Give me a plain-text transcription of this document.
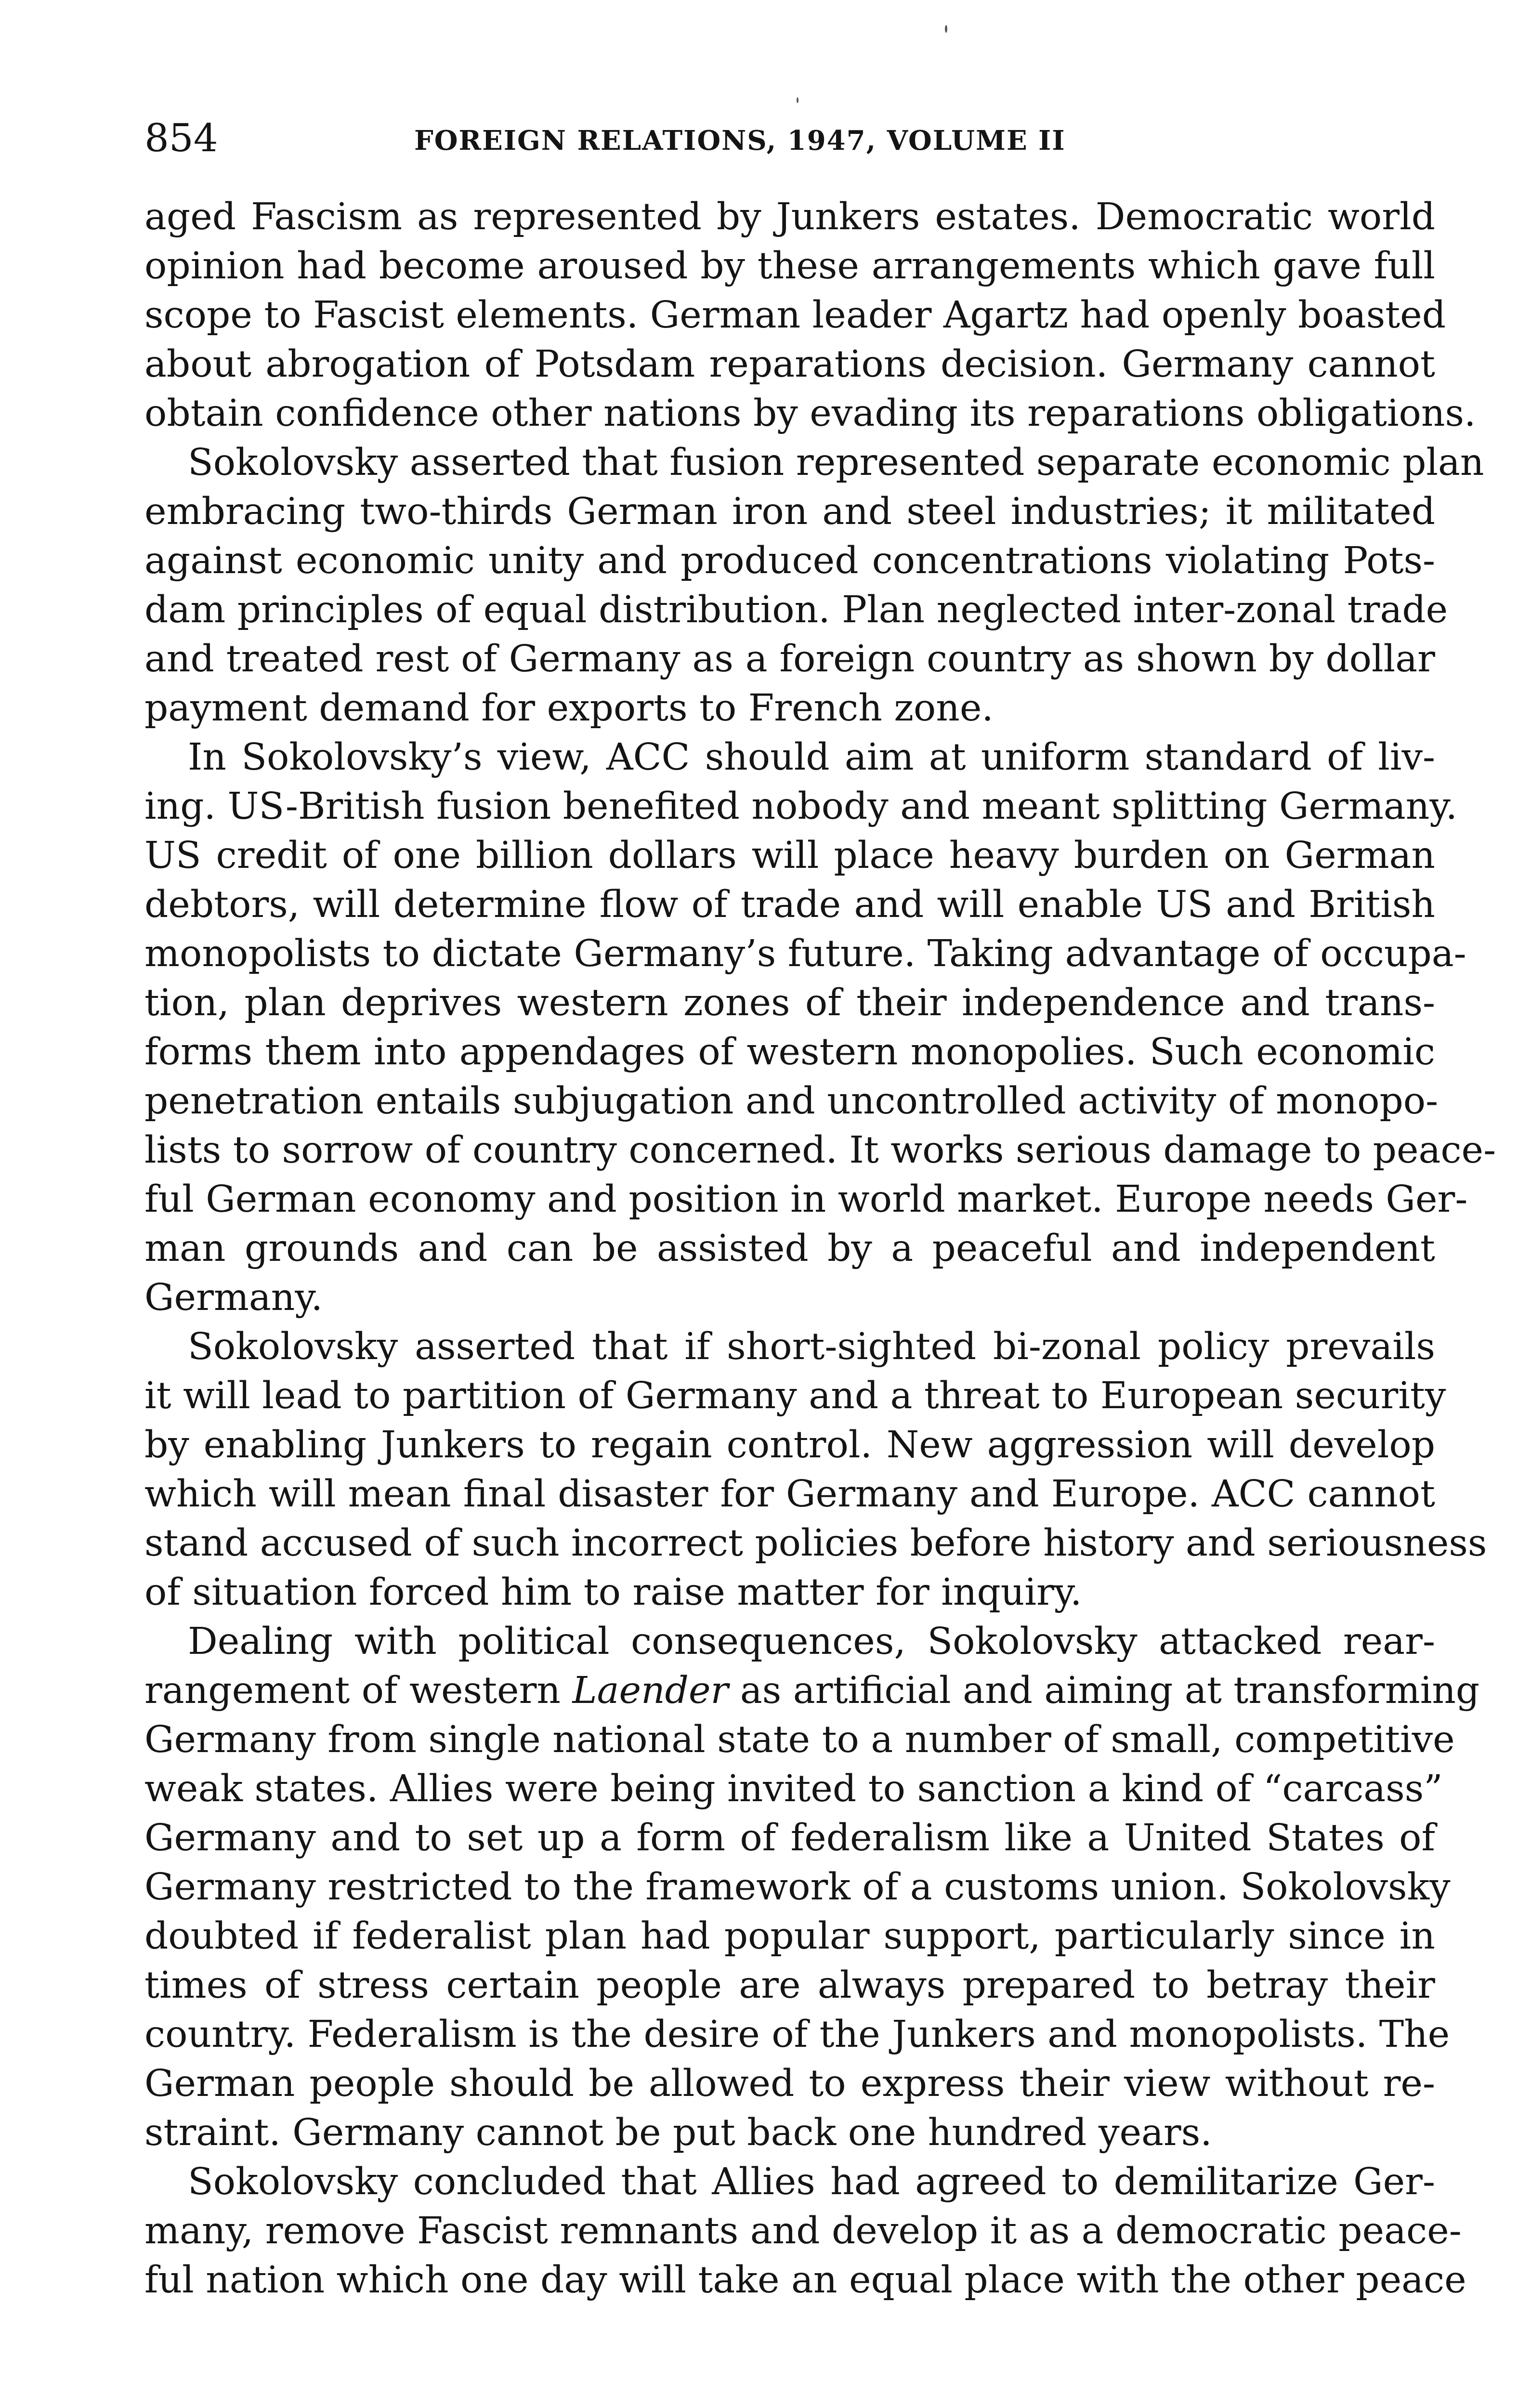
854	FOREIGN RELATIONS, 1947, VOLUME II
aged Fascism as represented by Junkers estates. Democratic world
opinion had become aroused by these arrangements which gave full
scope to Fascist elements. German leader Agartz had openly boasted
about abrogation of Potsdam reparations decision. Germany cannot
obtain confidence other nations by evading its reparations obligations.
Sokolovsky asserted that fusion represented separate economic plan
embracing two-thirds German iron and steel industries; it militated
against economic unity and produced concentrations violating Pots-
dam principles of equal distribution. Plan neglected inter-zonal trade
and treated rest of Germany as a foreign country as shown by dollar
payment demand for exports to French zone.
In Sokolovsky’s view, ACC should aim at uniform standard of liv-
ing. US-British fusion benefited nobody and meant splitting Germany.
US credit of one billion dollars will place heavy burden on German
debtors, will determine flow of trade and will enable US and British
monopolists to dictate Germany’s future. Taking advantage of occupa-
tion, plan deprives western zones of their independence and trans-
forms them into appendages of western monopolies. Such economic
penetration entails subjugation and uncontrolled activity of monopo-
lists to sorrow of country concerned. It works serious damage to peace-
ful German economy and position in world market. Europe needs Ger-
man grounds and can be assisted by a peaceful and independent
Germany.
Sokolovsky asserted that if short-sighted bi-zonal policy prevails
it will lead to partition of Germany and a threat to European security
by enabling Junkers to regain control. New aggression will develop
which will mean final disaster for Germany and Europe. ACC cannot
stand accused of such incorrect policies before history and seriousness
of situation forced him to raise matter for inquiry.
Dealing with political consequences, Sokolovsky attacked rear-
rangement of western Laender as artificial and aiming at transforming
Germany from single national state to a number of small, competitive
weak states. Allies were being invited to sanction a kind of “carcass”
Germany and to set up a form of federalism like a United States of
Germany restricted to the framework of a customs union. Sokolovsky
doubted if federalist plan had popular support, particularly since in
times of stress certain people are always prepared to betray their
country. Federalism is the desire of the Junkers and monopolists. The
German people should be allowed to express their view without re-
straint. Germany cannot be put back one hundred years.
Sokolovsky concluded that Allies had agreed to demilitarize Ger-
many, remove Fascist remnants and develop it as a democratic peace-
ful nation which one day will take an equal place with the other peace
